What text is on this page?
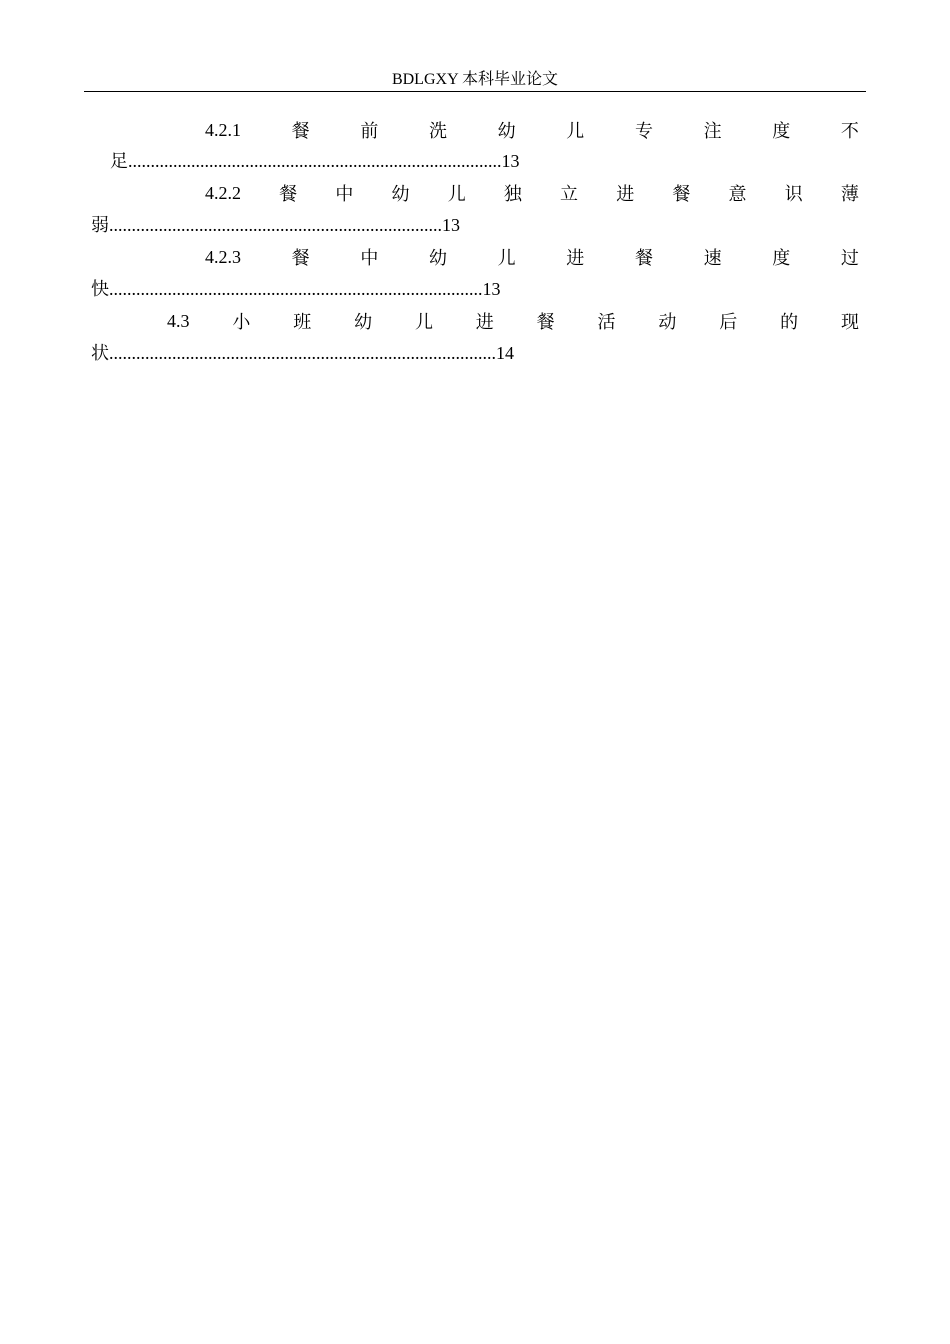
BDLGXY 本科毕业论文
4.2.1	餐	前	洗	幼	儿	专	注	度	不
足...................................................................................13
4.2.2 餐 中 幼 儿 独 立 进 餐 意 识 薄
弱..........................................................................13
4.2.3	餐	中	幼	儿	进	餐	速	度	过
快...................................................................................13
4.3 小 班 幼 儿 进 餐 活 动 后 的 现
状......................................................................................14
